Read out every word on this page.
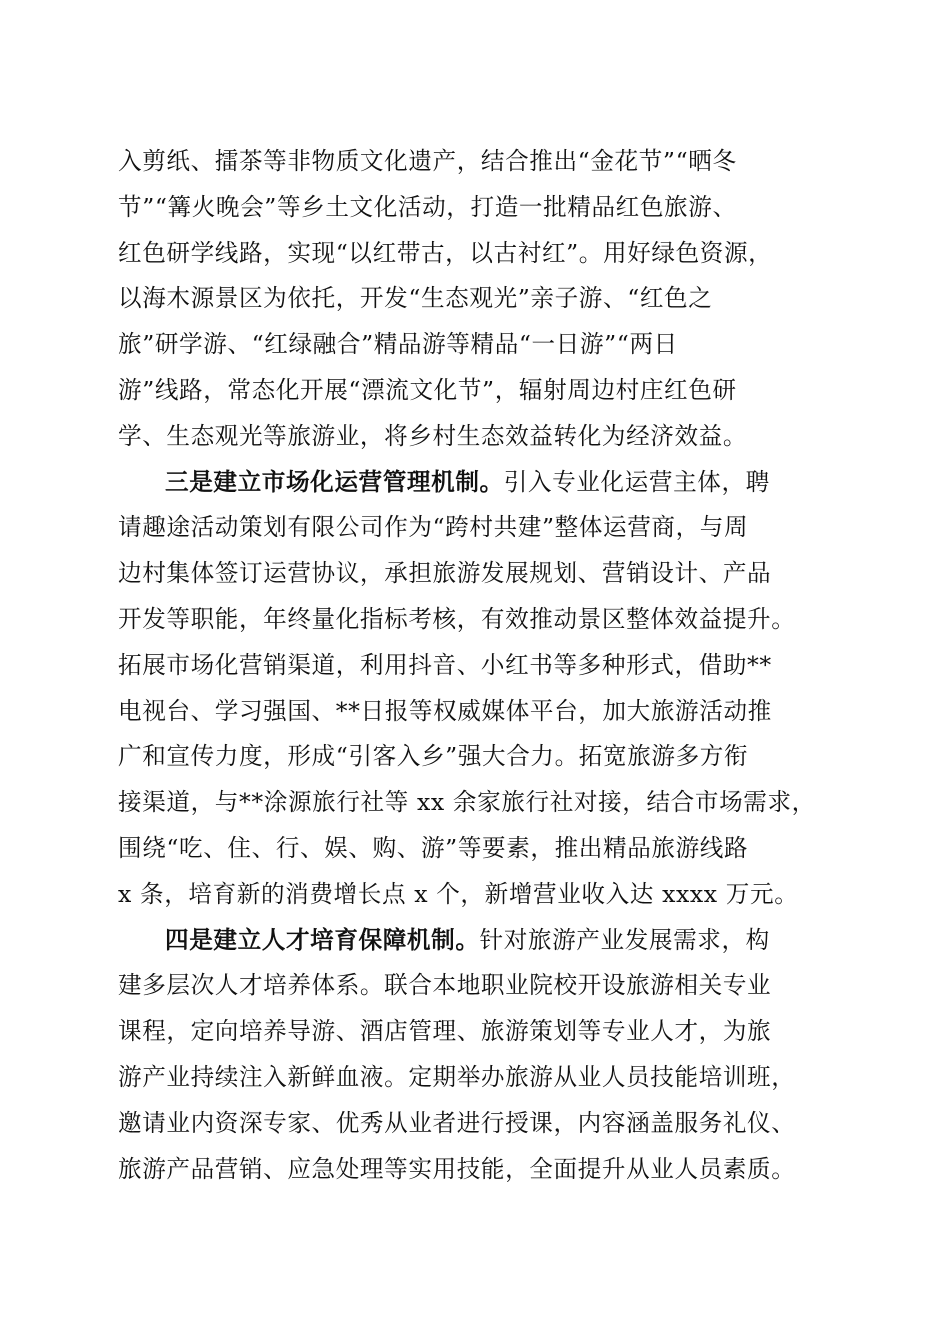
入剪纸、擂茶等非物质文化遗产，结合推出“金花节”“晒冬
节”“篝火晚会”等乡土文化活动，打造一批精品红色旅游、
红色研学线路，实现“以红带古，以古衬红”。用好绿色资源，
以海木源景区为依托，开发“生态观光”亲子游、“红色之
旅”研学游、“红绿融合”精品游等精品“一日游”“两日
游”线路，常态化开展“漂流文化节”，辐射周边村庄红色研
学、生态观光等旅游业，将乡村生态效益转化为经济效益。
三是建立市场化运营管理机制。引入专业化运营主体，聘
请趣途活动策划有限公司作为“跨村共建”整体运营商，与周
边村集体签订运营协议，承担旅游发展规划、营销设计、产品
开发等职能，年终量化指标考核，有效推动景区整体效益提升。
拓展市场化营销渠道，利用抖音、小红书等多种形式，借助**
电视台、学习强国、**日报等权威媒体平台，加大旅游活动推
广和宣传力度，形成“引客入乡”强大合力。拓宽旅游多方衔
接渠道，与**涂源旅行社等 xx 余家旅行社对接，结合市场需求，
围绕“吃、住、行、娱、购、游”等要素，推出精品旅游线路
x 条，培育新的消费增长点 x 个，新增营业收入达 xxxx 万元。
四是建立人才培育保障机制。针对旅游产业发展需求，构
建多层次人才培养体系。联合本地职业院校开设旅游相关专业
课程，定向培养导游、酒店管理、旅游策划等专业人才，为旅
游产业持续注入新鲜血液。定期举办旅游从业人员技能培训班，
邀请业内资深专家、优秀从业者进行授课，内容涵盖服务礼仪、
旅游产品营销、应急处理等实用技能，全面提升从业人员素质。
